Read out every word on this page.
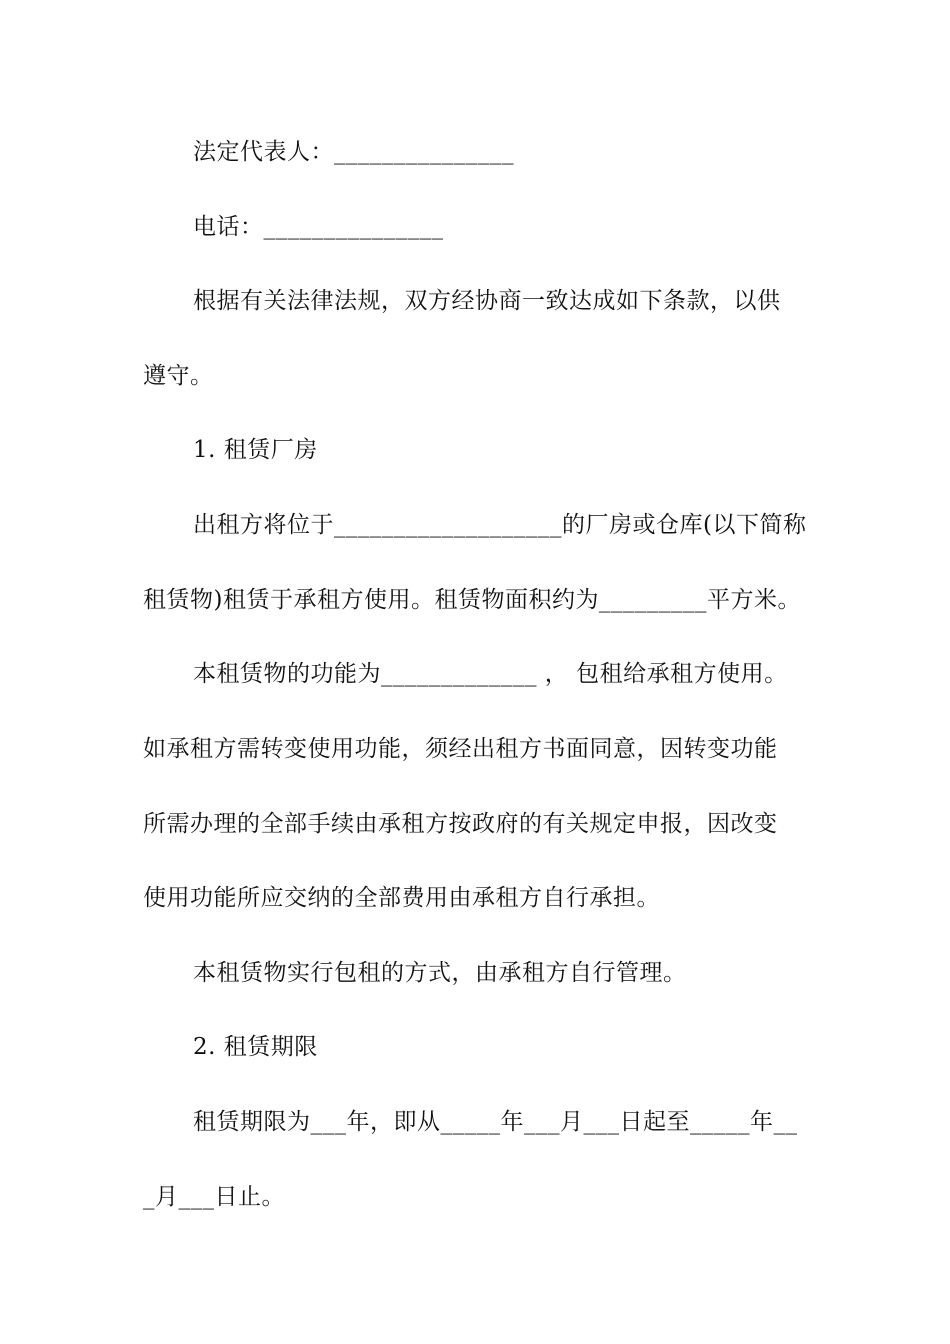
法定代表人：_______________
电话：_______________
根据有关法律法规，双方经协商一致达成如下条款，以供
遵守。
1. 租赁厂房
出租方将位于___________________的厂房或仓库(以下简称
租赁物)租赁于承租方使用。租赁物面积约为_________平方米。
本租赁物的功能为_____________ ， 包租给承租方使用。
如承租方需转变使用功能，须经出租方书面同意，因转变功能
所需办理的全部手续由承租方按政府的有关规定申报，因改变
使用功能所应交纳的全部费用由承租方自行承担。
本租赁物实行包租的方式，由承租方自行管理。
2. 租赁期限
租赁期限为___年，即从_____年___月___日起至_____年__
_月___日止。
